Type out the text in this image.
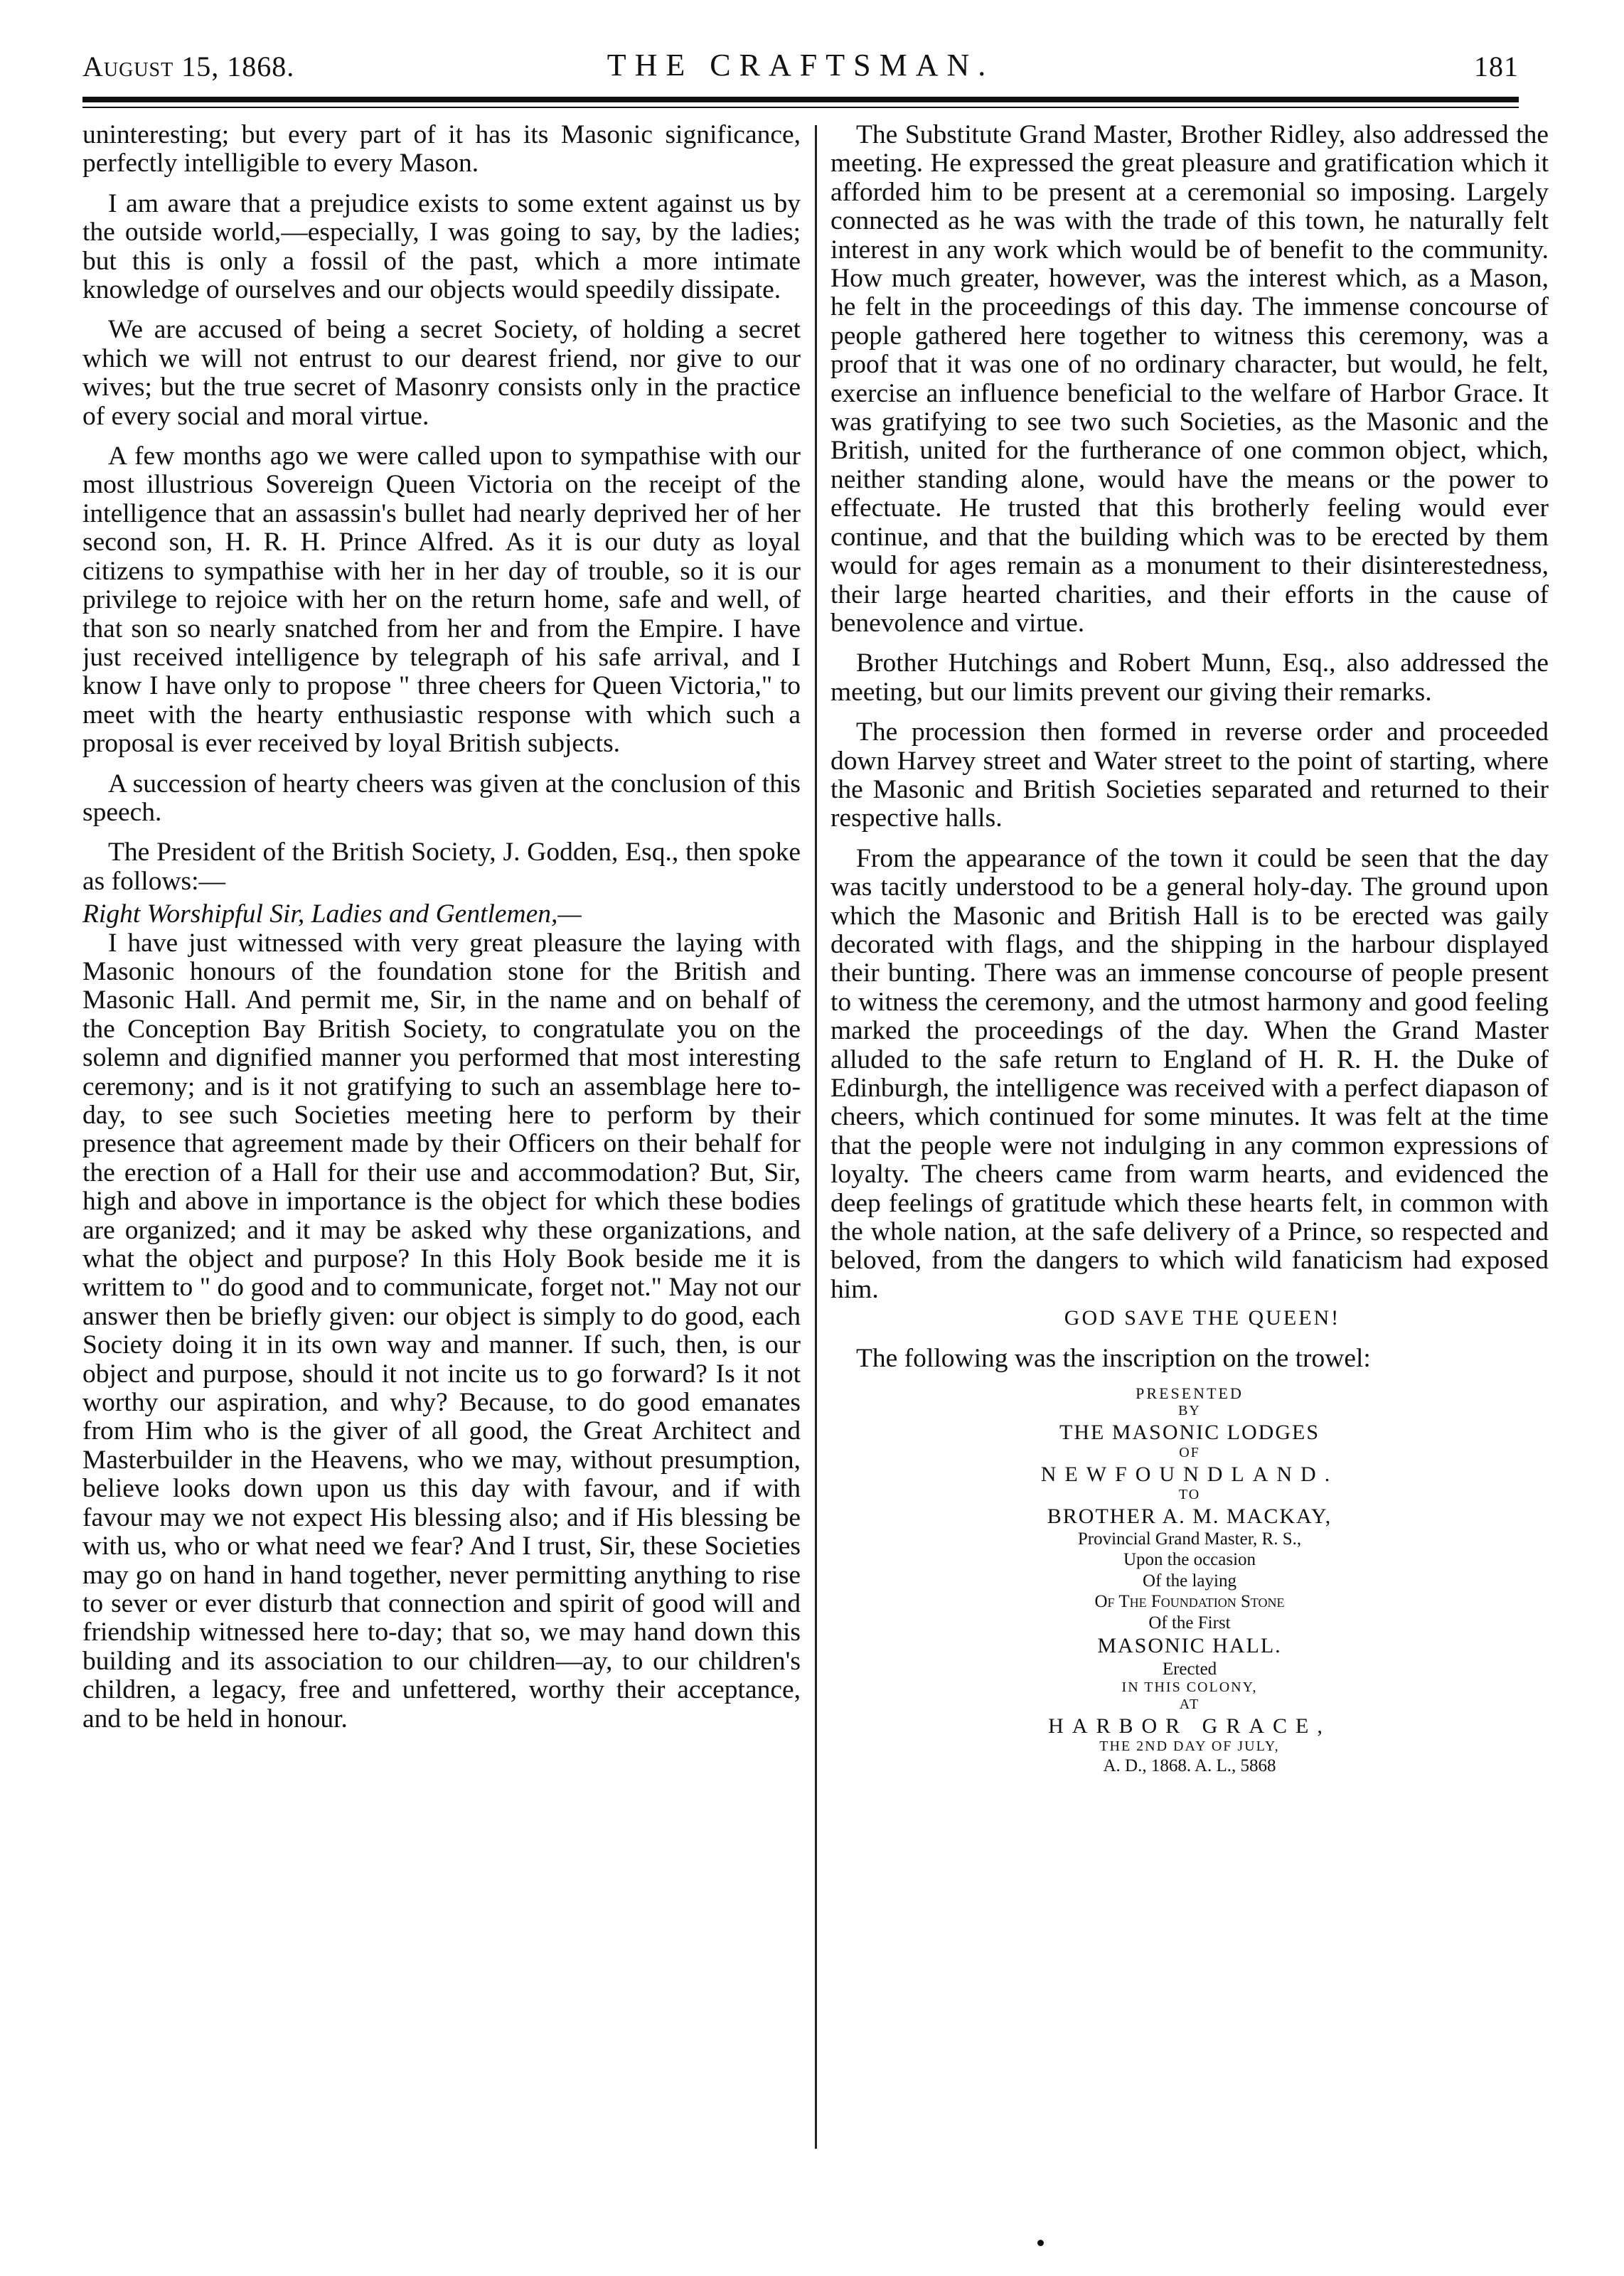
August 15, 1868.	THE CRAFTSMAN.	181

uninteresting; but every part of it has its Masonic significance, perfectly intelligible to every Mason.

I am aware that a prejudice exists to some extent against us by the outside world,—especially, I was going to say, by the ladies; but this is only a fossil of the past, which a more intimate knowledge of ourselves and our objects would speedily dissipate.

We are accused of being a secret Society, of holding a secret which we will not entrust to our dearest friend, nor give to our wives; but the true secret of Masonry consists only in the practice of every social and moral virtue.

A few months ago we were called upon to sympathise with our most illustrious Sovereign Queen Victoria on the receipt of the intelligence that an assassin's bullet had nearly deprived her of her second son, H. R. H. Prince Alfred. As it is our duty as loyal citizens to sympathise with her in her day of trouble, so it is our privilege to rejoice with her on the return home, safe and well, of that son so nearly snatched from her and from the Empire. I have just received intelligence by telegraph of his safe arrival, and I know I have only to propose " three cheers for Queen Victoria," to meet with the hearty enthusiastic response with which such a proposal is ever received by loyal British subjects.

A succession of hearty cheers was given at the conclusion of this speech.

The President of the British Society, J. Godden, Esq., then spoke as follows:—

Right Worshipful Sir, Ladies and Gentlemen,—

I have just witnessed with very great pleasure the laying with Masonic honours of the foundation stone for the British and Masonic Hall. And permit me, Sir, in the name and on behalf of the Conception Bay British Society, to congratulate you on the solemn and dignified manner you performed that most interesting ceremony; and is it not gratifying to such an assemblage here to-day, to see such Societies meeting here to perform by their presence that agreement made by their Officers on their behalf for the erection of a Hall for their use and accommodation? But, Sir, high and above in importance is the object for which these bodies are organized; and it may be asked why these organizations, and what the object and purpose? In this Holy Book beside me it is writtem to " do good and to communicate, forget not." May not our answer then be briefly given: our object is simply to do good, each Society doing it in its own way and manner. If such, then, is our object and purpose, should it not incite us to go forward? Is it not worthy our aspiration, and why? Because, to do good emanates from Him who is the giver of all good, the Great Architect and Masterbuilder in the Heavens, who we may, without presumption, believe looks down upon us this day with favour, and if with favour may we not expect His blessing also; and if His blessing be with us, who or what need we fear? And I trust, Sir, these Societies may go on hand in hand together, never permitting anything to rise to sever or ever disturb that connection and spirit of good will and friendship witnessed here to-day; that so, we may hand down this building and its association to our children—ay, to our children's children, a legacy, free and unfettered, worthy their acceptance, and to be held in honour.

The Substitute Grand Master, Brother Ridley, also addressed the meeting. He expressed the great pleasure and gratification which it afforded him to be present at a ceremonial so imposing. Largely connected as he was with the trade of this town, he naturally felt interest in any work which would be of benefit to the community. How much greater, however, was the interest which, as a Mason, he felt in the proceedings of this day. The immense concourse of people gathered here together to witness this ceremony, was a proof that it was one of no ordinary character, but would, he felt, exercise an influence beneficial to the welfare of Harbor Grace. It was gratifying to see two such Societies, as the Masonic and the British, united for the furtherance of one common object, which, neither standing alone, would have the means or the power to effectuate. He trusted that this brotherly feeling would ever continue, and that the building which was to be erected by them would for ages remain as a monument to their disinterestedness, their large hearted charities, and their efforts in the cause of benevolence and virtue.

Brother Hutchings and Robert Munn, Esq., also addressed the meeting, but our limits prevent our giving their remarks.

The procession then formed in reverse order and proceeded down Harvey street and Water street to the point of starting, where the Masonic and British Societies separated and returned to their respective halls.

From the appearance of the town it could be seen that the day was tacitly understood to be a general holy-day. The ground upon which the Masonic and British Hall is to be erected was gaily decorated with flags, and the shipping in the harbour displayed their bunting. There was an immense concourse of people present to witness the ceremony, and the utmost harmony and good feeling marked the proceedings of the day. When the Grand Master alluded to the safe return to England of H. R. H. the Duke of Edinburgh, the intelligence was received with a perfect diapason of cheers, which continued for some minutes. It was felt at the time that the people were not indulging in any common expressions of loyalty. The cheers came from warm hearts, and evidenced the deep feelings of gratitude which these hearts felt, in common with the whole nation, at the safe delivery of a Prince, so respected and beloved, from the dangers to which wild fanaticism had exposed him.

GOD SAVE THE QUEEN!

The following was the inscription on the trowel:

PRESENTED
BY
THE MASONIC LODGES
OF
NEWFOUNDLAND.
TO
BROTHER A. M. MACKAY,
Provincial Grand Master, R. S.,
Upon the occasion
Of the laying
Of The Foundation Stone
Of the First
MASONIC HALL.
Erected
IN THIS COLONY,
AT
HARBOR GRACE,
THE 2ND DAY OF JULY,
A. D., 1868. A. L., 5868
